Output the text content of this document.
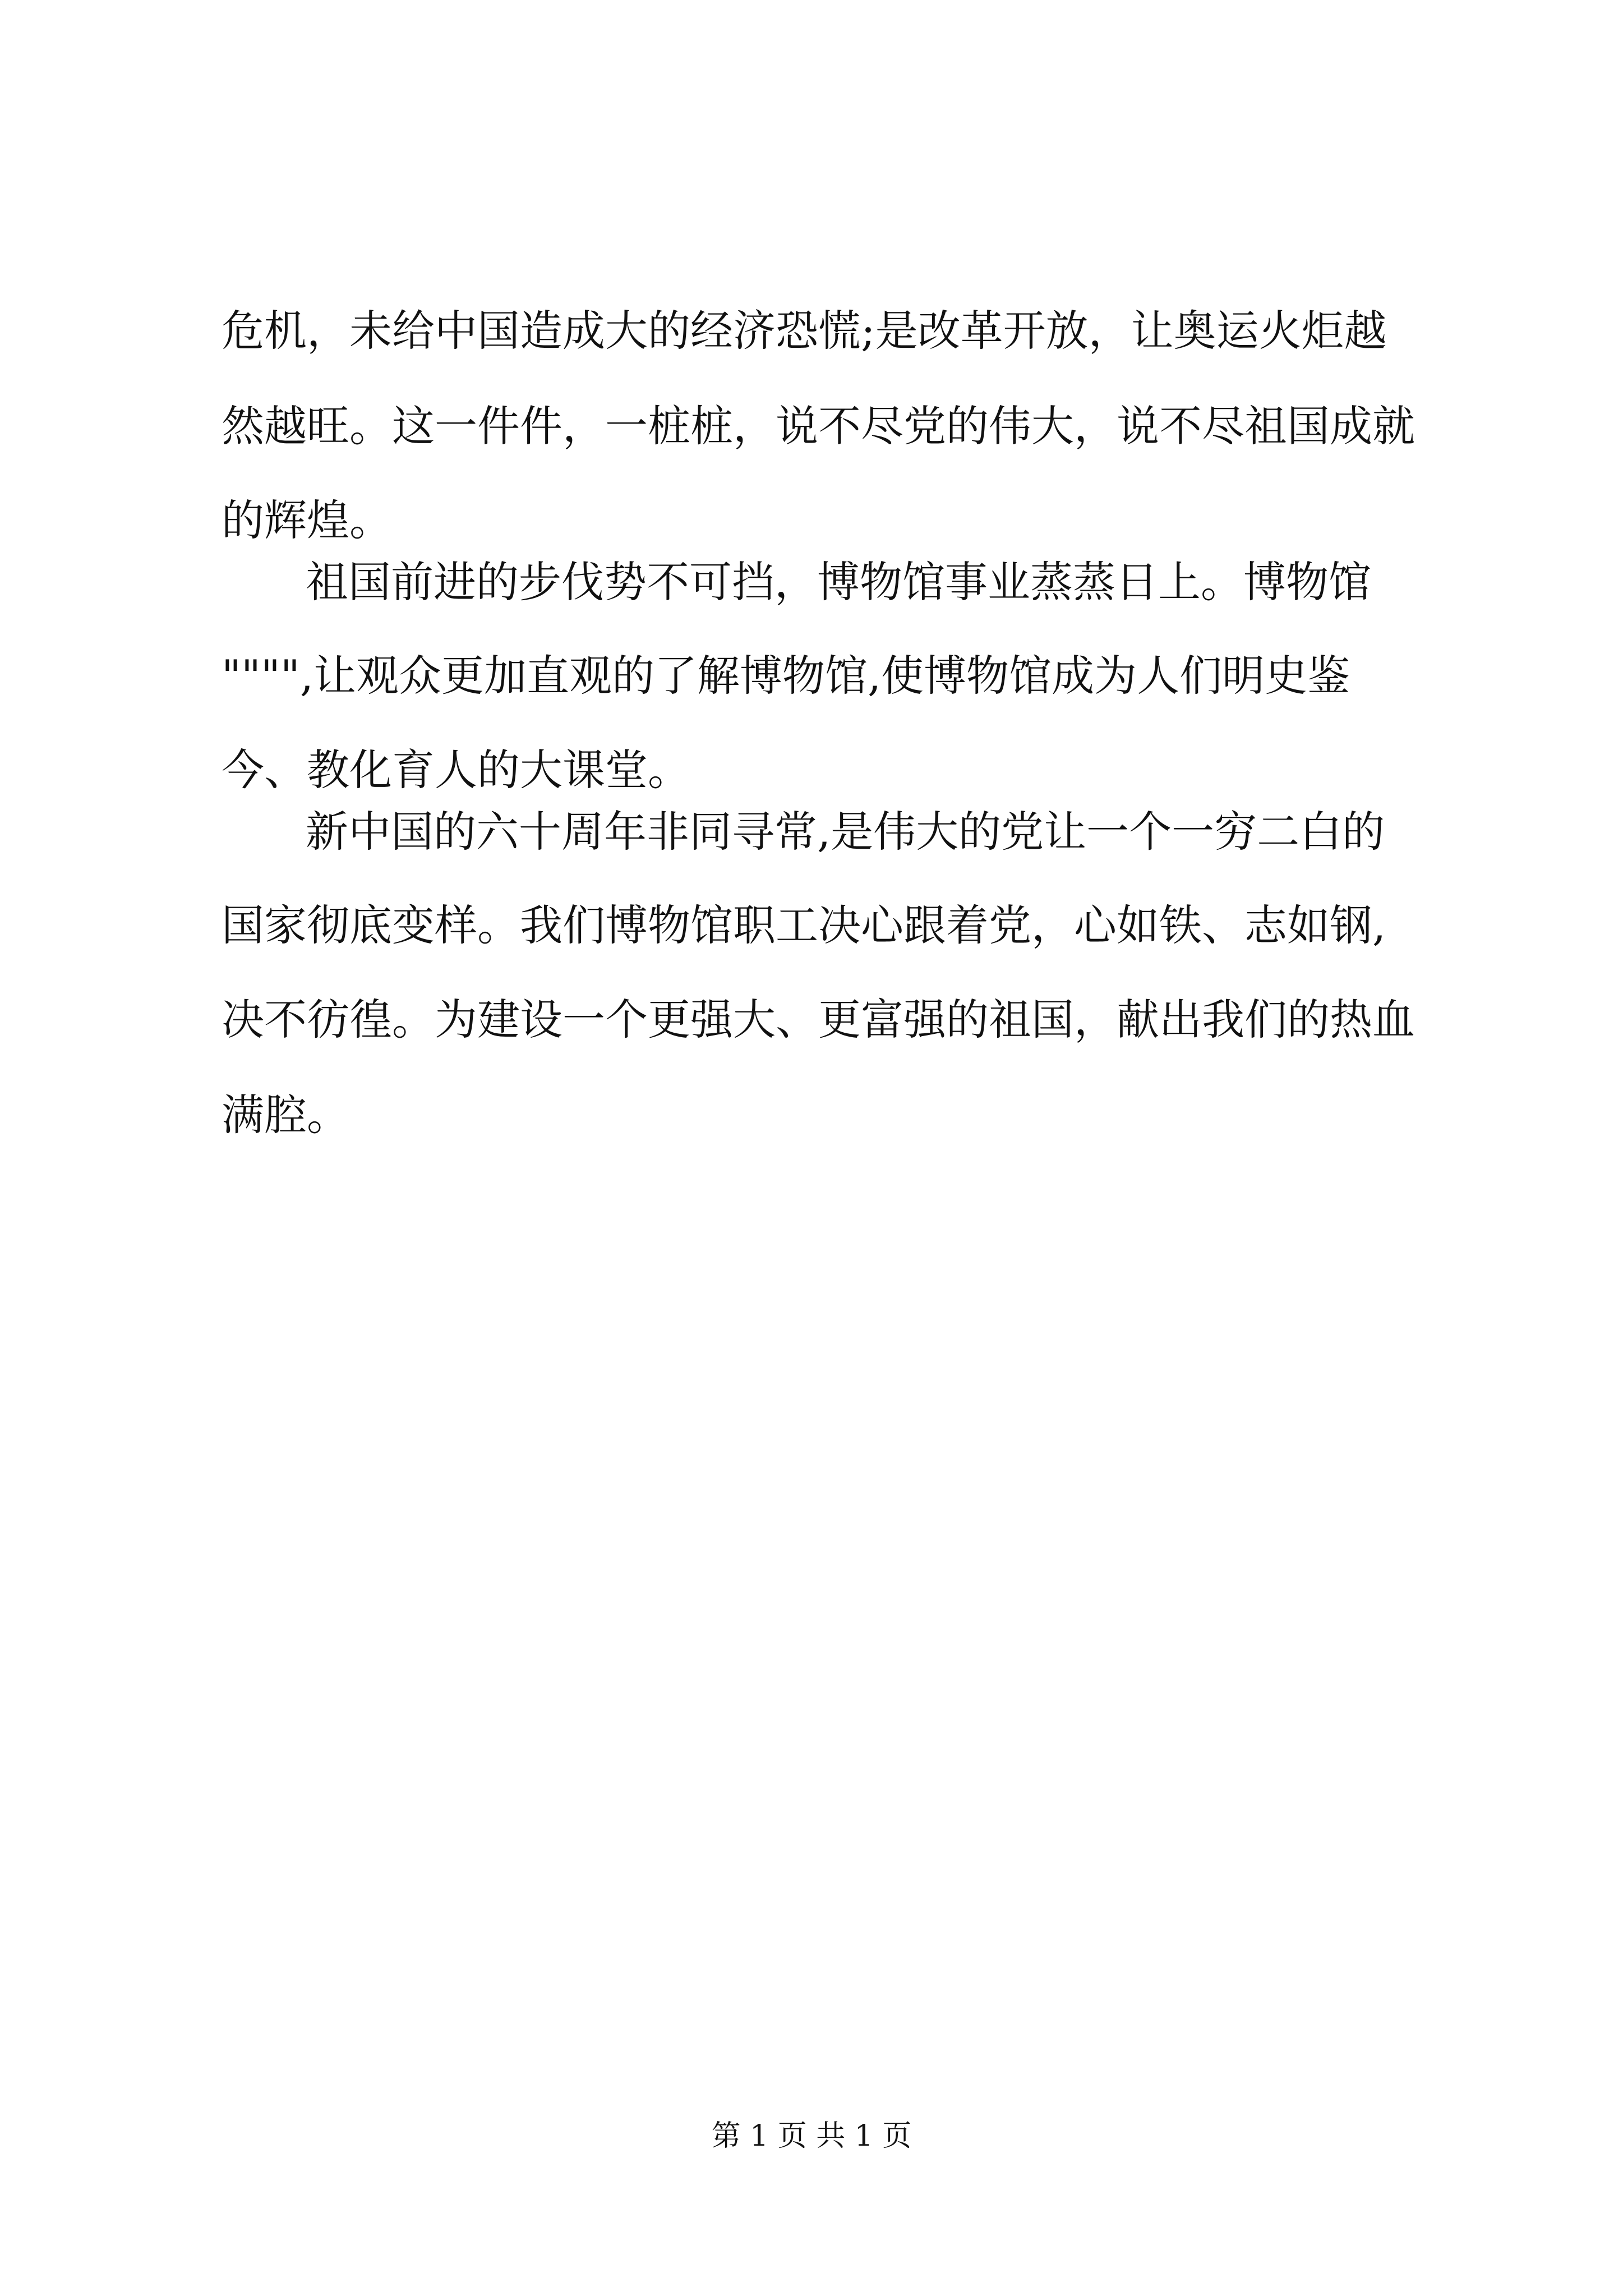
危机，未给中国造成大的经济恐慌;是改革开放，让奥运火炬越
然越旺。这一件件，一桩桩，说不尽党的伟大，说不尽祖国成就
的辉煌。
祖国前进的步伐势不可挡，博物馆事业蒸蒸日上。博物馆
"""",让观众更加直观的了解博物馆,使博物馆成为人们明史鉴
今、教化育人的大课堂。
新中国的六十周年非同寻常,是伟大的党让一个一穷二白的
国家彻底变样。我们博物馆职工决心跟着党，心如铁、志如钢,
决不彷徨。为建设一个更强大、更富强的祖国，献出我们的热血
满腔。
第 1 页 共 1 页
